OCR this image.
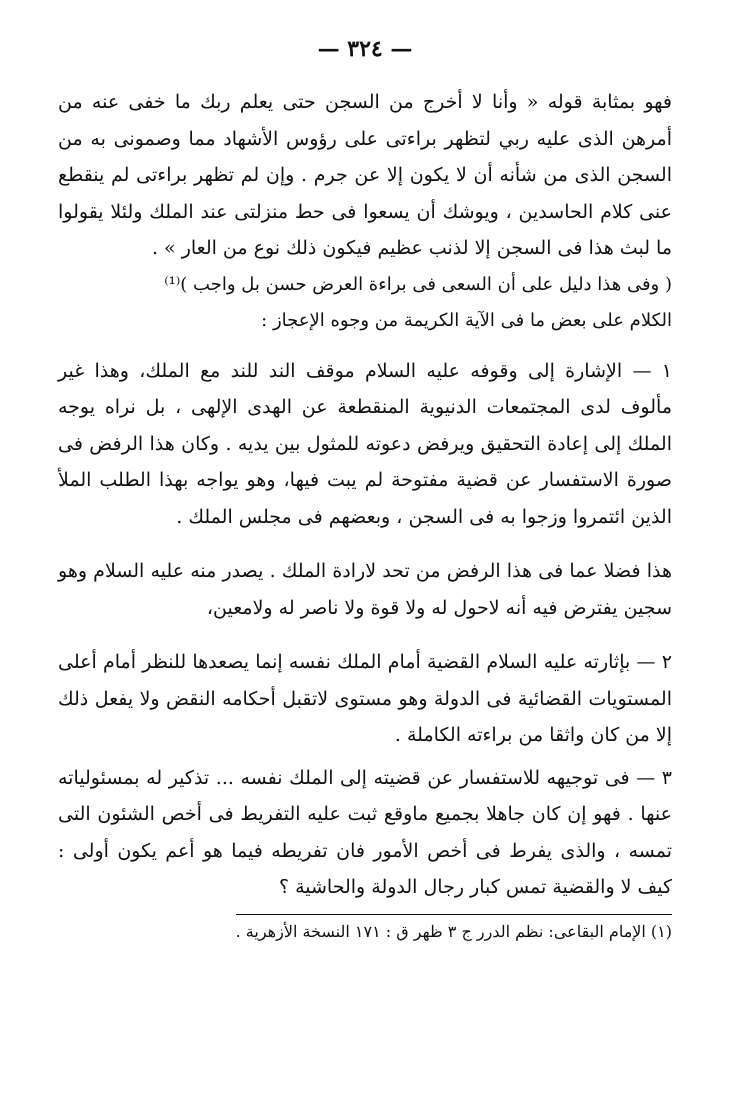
— ٣٢٤ —

فهو بمثابة قوله « وأنا لا أخرج من السجن حتى يعلم ربك ما خفى عنه من أمرهن الذى عليه ربي لتظهر براءتى على رؤوس الأشهاد مما وصمونى به من السجن الذى من شأنه أن لا يكون إلا عن جرم . وإن لم تظهر براءتى لم ينقطع عنى كلام الحاسدين ، ويوشك أن يسعوا فى حط منزلتى عند الملك ولئلا يقولوا ما لبث هذا فى السجن إلا لذنب عظيم فيكون ذلك نوع من العار » .

( وفى هذا دليل على أن السعى فى براءة العرض حسن بل واجب )⁽¹⁾

الكلام على بعض ما فى الآية الكريمة من وجوه الإعجاز :

١ — الإشارة إلى وقوفه عليه السلام موقف الند للند مع الملك، وهذا غير مألوف لدى المجتمعات الدنيوية المنقطعة عن الهدى الإلهى ، بل نراه يوجه الملك إلى إعادة التحقيق ويرفض دعوته للمثول بين يديه . وكان هذا الرفض فى صورة الاستفسار عن قضية مفتوحة لم يبت فيها، وهو يواجه بهذا الطلب الملأ الذين ائتمروا وزجوا به فى السجن ، وبعضهم فى مجلس الملك .

هذا فضلا عما فى هذا الرفض من تحد لارادة الملك . يصدر منه عليه السلام وهو سجين يفترض فيه أنه لاحول له ولا قوة ولا ناصر له ولامعين،

٢ — بإثارته عليه السلام القضية أمام الملك نفسه إنما يصعدها للنظر أمام أعلى المستويات القضائية فى الدولة وهو مستوى لاتقبل أحكامه النقض ولا يفعل ذلك إلا من كان واثقا من براءته الكاملة .

٣ — فى توجيهه للاستفسار عن قضيته إلى الملك نفسه ... تذكير له بمسئولياته عنها . فهو إن كان جاهلا بجميع ماوقع ثبت عليه التفريط فى أخص الشئون التى تمسه ، والذى يفرط فى أخص الأمور فان تفريطه فيما هو أعم يكون أولى : كيف لا والقضية تمس كبار رجال الدولة والحاشية ؟

(١) الإمام البقاعى: نظم الدرر ج ٣ ظهر ق : ١٧١ النسخة الأزهرية .
